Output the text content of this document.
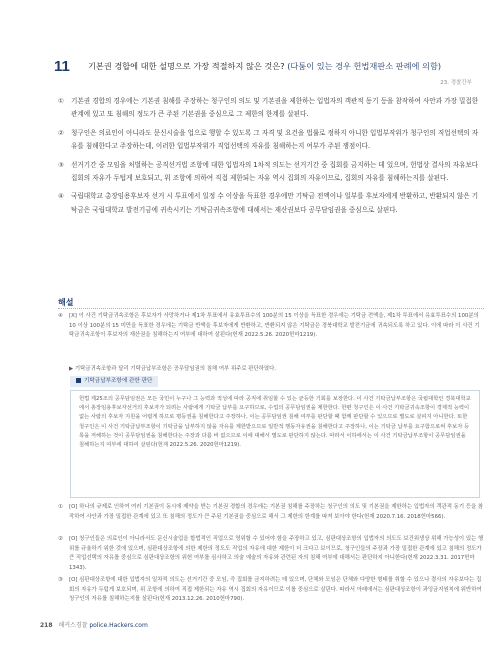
11	기본권 경합에 대한 설명으로 가장 적절하지 않은 것은? (다툼이 있는 경우 헌법재판소 판례에 의함)
23. 경찰간부
①	기본권 경합의 경우에는 기본권 침해를 주장하는 청구인의 의도 및 기본권을 제한하는 입법자의 객관적 동기 등을 참작하여 사안과 가장 밀접한 관계에 있고 또 침해의 정도가 큰 주된 기본권을 중심으로 그 제한의 한계를 살핀다.
②	청구인은 의료인이 아니라도 문신시술을 업으로 행할 수 있도록 그 자격 및 요건을 법률로 정하지 아니한 입법부작위가 청구인의 직업선택의 자유를 침해한다고 주장하는데, 이러한 입법부작위가 직업선택의 자유를 침해하는지 여부가 주된 쟁점이다.
③	선거기간 중 모임을 처벌하는 공직선거법 조항에 대한 입법자의 1차적 의도는 선거기간 중 집회를 금지하는 데 있으며, 헌법상 결사의 자유보다 집회의 자유가 두텁게 보호되고, 위 조항에 의하여 직접 제한되는 자유 역시 집회의 자유이므로, 집회의 자유를 침해하는지를 살핀다.
④	국립대학교 총장임용후보자 선거 시 투표에서 일정 수 이상을 득표한 경우에만 기탁금 전액이나 일부를 후보자에게 반환하고, 반환되지 않은 기탁금은 국립대학교 발전기금에 귀속시키는 기탁금귀속조항에 대해서는 재산권보다 공무담임권을 중심으로 살핀다.
해설
④	[X] 이 사건 기탁금귀속조항은 후보자가 사망하거나 제1차 투표에서 유효투표수의 100분의 15 이상을 득표한 경우에는 기탁금 전액을, 제1차 투표에서 유효투표수의 100분의 10 이상 100분의 15 미만을 득표한 경우에는 기탁금 반액을 후보자에게 반환하고, 반환되지 않은 기탁금은 경북대학교 발전기금에 귀속되도록 하고 있다. 이에 따라 이 사건 기탁금귀속조항이 후보자의 재산권을 침해하는지 여부에 대하여 살핀다(헌재 2022.5.26. 2020헌마1219).
▶ 기탁금귀속조항과 달리 기탁금납부조항은 공무담임권의 침해 여부 위주로 판단하였다.
기탁금납부조항에 관한 판단
헌법 제25조의 공무담임권은 모든 국민이 누구나 그 능력과 적성에 따라 공직에 취임할 수 있는 균등한 기회를 보장한다. 이 사건 기탁금납부조항은 국립대학인 경북대학교에서 총장임용후보자선거의 후보자가 되려는 사람에게 기탁금 납부를 요구하므로, 수업의 공무담임권을 제한한다. 한편 청구인은 이 사건 기탁금귀속조항이 경제적 능력이 없는 사람의 후보자 지원을 어렵게 하므로 평등권을 침해한다고 주장하나, 이는 공무담임권 침해 여부를 판단할 때 함께 판단할 수 있으므로 별도로 살피지 아니한다. 또한 청구인은 이 사건 기탁금납부조항이 기탁금을 납부하지 않을 자유를 제한받으므로 일반적 행동자유권을 침해한다고 주장하나, 이는 기탁금 납부를 요구함으로써 후보자 등록을 저해하는 것이 공무담임권을 침해한다는 주장과 다름 바 없으므로 이에 대해서 별도로 판단하지 않는다. 따라서 이하에서는 이 사건 기탁금납부조항이 공무담임권을 침해하는지 여부에 대하여 살핀다(헌재 2022.5.26. 2020헌마1219).
①	[O] 하나의 규제로 인하여 여러 기본권이 동시에 제약을 받는 기본권 경합의 경우에는 기본권 침해를 주장하는 청구인의 의도 및 기본권을 제한하는 입법자의 객관적 동기 등을 참작하여 사안과 가장 밀접한 관계에 있고 또 침해의 정도가 큰 주된 기본권을 중심으로 해서 그 제한의 한계를 따져 보아야 한다(헌재 2020.7.16. 2018헌마566).
②	[O] 청구인들은 의료인이 아니라서도 문신시술업을 합법적인 직업으로 영위할 수 있어야 함을 주장하고 있고, 심판대상조항의 입법자의 의도도 보건위생상 위해 가능성이 있는 행위를 규율하기 위한 것에 있으며, 심판대상조항에 의한 제한의 정도도 직업의 자유에 대한 제한이 더 크다고 보이므로, 청구인들의 주장과 가장 밀접한 관계에 있고 침해의 정도가 큰 직업선택의 자유를 중심으로 심판대상조항의 위헌 여부를 심사하고 의술 예술의 자유와 관련된 자의 침해 여부에 대해서는 판단하지 아니한다(헌재 2022.3.31. 2017헌마1343).
③	[O] 심판대상조항에 대한 입법자의 일차적 의도는 선거기간 중 모임, 즉 집회를 금지하려는 데 있으며, 단체와 모임은 단체와 다양한 형태를 취할 수 있으나 결사의 자유보다는 집회의 자유가 두텁게 보호되며, 위 조항에 의하여 직접 제한되는 자유 역시 집회의 자유이므로 이를 중심으로 살핀다. 따라서 아래에서는 심판대상조항이 과잉금지원칙에 위반하여 청구인의 자유를 침해하는지를 살핀다(헌재 2013.12.26. 2010헌마790).
218 해커스경찰 police.Hackers.com
